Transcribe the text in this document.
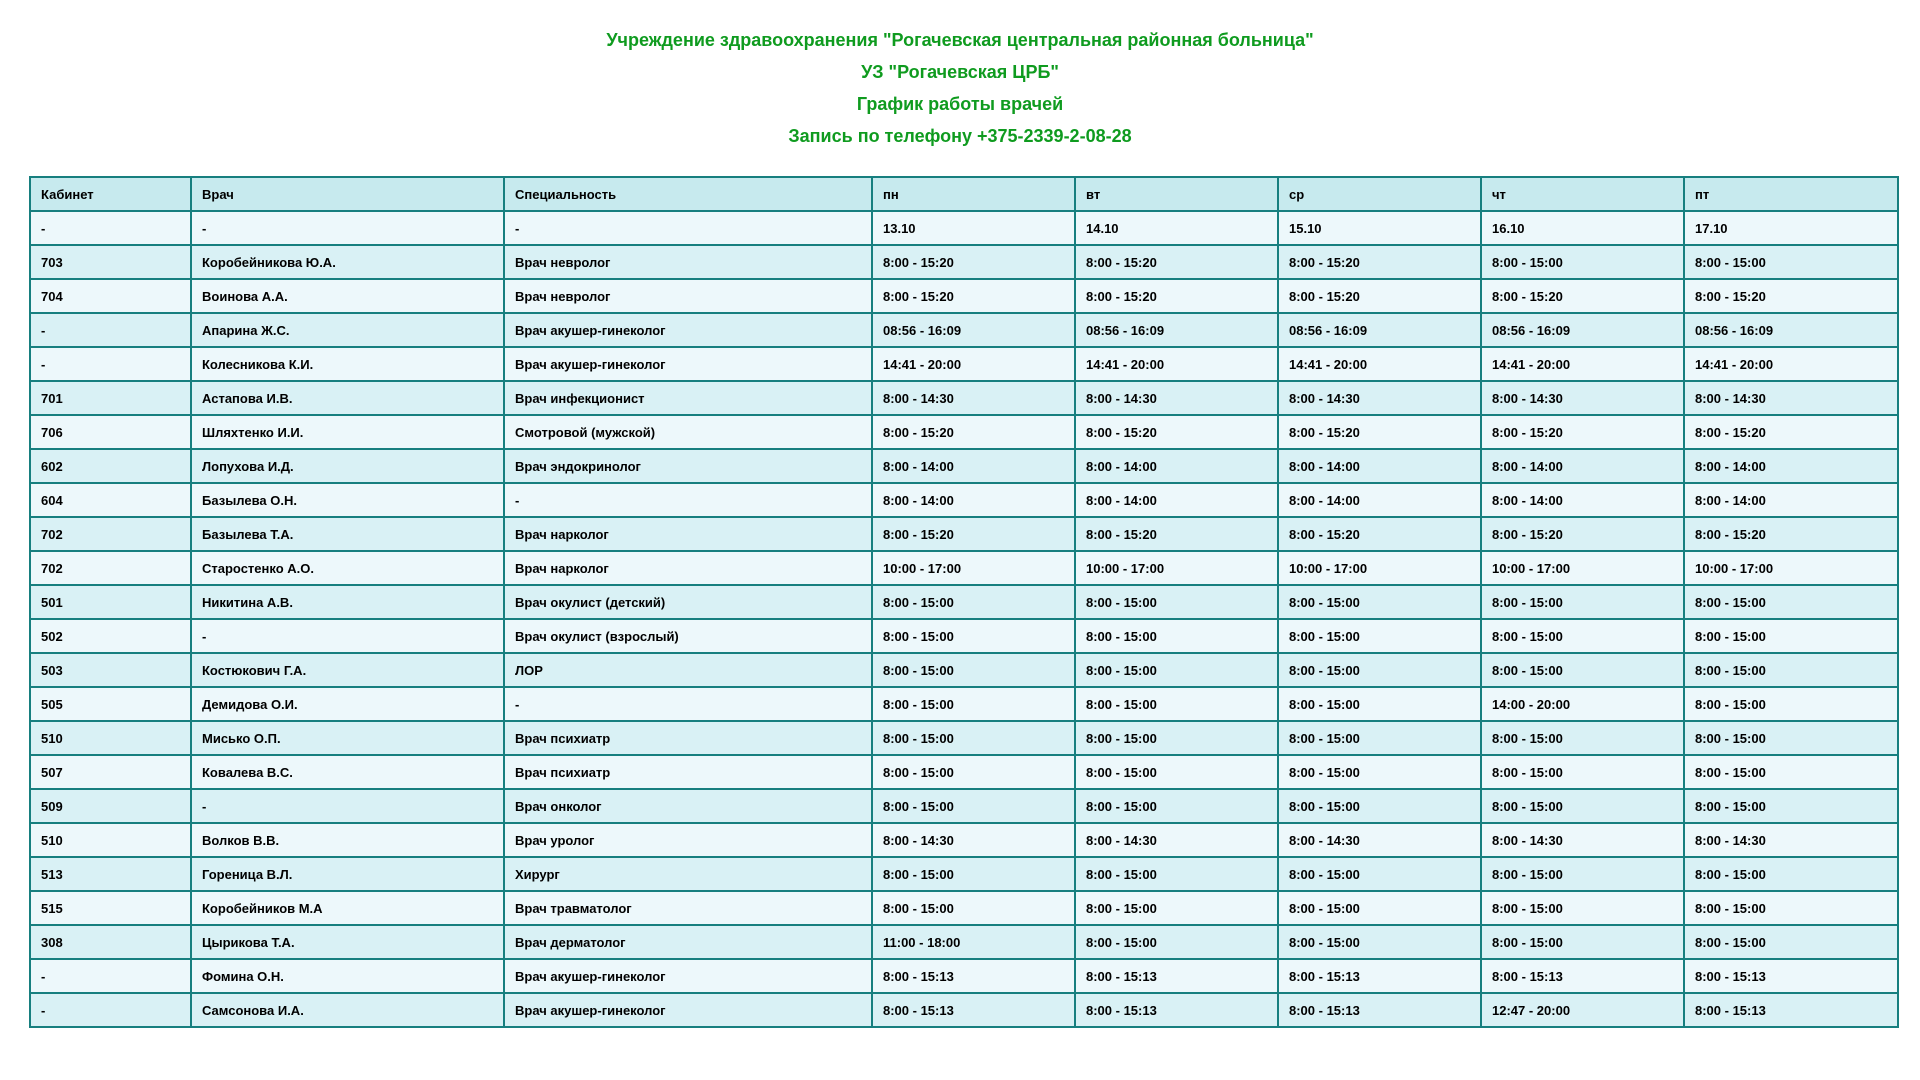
Учреждение здравоохранения "Рогачевская центральная районная больница"
УЗ "Рогачевская ЦРБ"
График работы врачей
Запись по телефону +375-2339-2-08-28
Кабинет	Врач	Специальность	пн	вт	ср	чт	пт
-	-	-	13.10	14.10	15.10	16.10	17.10
703	Коробейникова Ю.А.	Врач невролог	8:00 - 15:20	8:00 - 15:20	8:00 - 15:20	8:00 - 15:00	8:00 - 15:00
704	Воинова А.А.	Врач невролог	8:00 - 15:20	8:00 - 15:20	8:00 - 15:20	8:00 - 15:20	8:00 - 15:20
-	Апарина Ж.С.	Врач акушер-гинеколог	08:56 - 16:09	08:56 - 16:09	08:56 - 16:09	08:56 - 16:09	08:56 - 16:09
-	Колесникова К.И.	Врач акушер-гинеколог	14:41 - 20:00	14:41 - 20:00	14:41 - 20:00	14:41 - 20:00	14:41 - 20:00
701	Астапова И.В.	Врач инфекционист	8:00 - 14:30	8:00 - 14:30	8:00 - 14:30	8:00 - 14:30	8:00 - 14:30
706	Шляхтенко И.И.	Смотровой (мужской)	8:00 - 15:20	8:00 - 15:20	8:00 - 15:20	8:00 - 15:20	8:00 - 15:20
602	Лопухова И.Д.	Врач эндокринолог	8:00 - 14:00	8:00 - 14:00	8:00 - 14:00	8:00 - 14:00	8:00 - 14:00
604	Базылева О.Н.	-	8:00 - 14:00	8:00 - 14:00	8:00 - 14:00	8:00 - 14:00	8:00 - 14:00
702	Базылева Т.А.	Врач нарколог	8:00 - 15:20	8:00 - 15:20	8:00 - 15:20	8:00 - 15:20	8:00 - 15:20
702	Старостенко А.О.	Врач нарколог	10:00 - 17:00	10:00 - 17:00	10:00 - 17:00	10:00 - 17:00	10:00 - 17:00
501	Никитина А.В.	Врач окулист (детский)	8:00 - 15:00	8:00 - 15:00	8:00 - 15:00	8:00 - 15:00	8:00 - 15:00
502	-	Врач окулист (взрослый)	8:00 - 15:00	8:00 - 15:00	8:00 - 15:00	8:00 - 15:00	8:00 - 15:00
503	Костюкович Г.А.	ЛОР	8:00 - 15:00	8:00 - 15:00	8:00 - 15:00	8:00 - 15:00	8:00 - 15:00
505	Демидова О.И.	-	8:00 - 15:00	8:00 - 15:00	8:00 - 15:00	14:00 - 20:00	8:00 - 15:00
510	Мисько О.П.	Врач психиатр	8:00 - 15:00	8:00 - 15:00	8:00 - 15:00	8:00 - 15:00	8:00 - 15:00
507	Ковалева В.С.	Врач психиатр	8:00 - 15:00	8:00 - 15:00	8:00 - 15:00	8:00 - 15:00	8:00 - 15:00
509	-	Врач онколог	8:00 - 15:00	8:00 - 15:00	8:00 - 15:00	8:00 - 15:00	8:00 - 15:00
510	Волков В.В.	Врач уролог	8:00 - 14:30	8:00 - 14:30	8:00 - 14:30	8:00 - 14:30	8:00 - 14:30
513	Гореница В.Л.	Хирург	8:00 - 15:00	8:00 - 15:00	8:00 - 15:00	8:00 - 15:00	8:00 - 15:00
515	Коробейников М.А	Врач травматолог	8:00 - 15:00	8:00 - 15:00	8:00 - 15:00	8:00 - 15:00	8:00 - 15:00
308	Цырикова Т.А.	Врач дерматолог	11:00 - 18:00	8:00 - 15:00	8:00 - 15:00	8:00 - 15:00	8:00 - 15:00
-	Фомина О.Н.	Врач акушер-гинеколог	8:00 - 15:13	8:00 - 15:13	8:00 - 15:13	8:00 - 15:13	8:00 - 15:13
-	Самсонова И.А.	Врач акушер-гинеколог	8:00 - 15:13	8:00 - 15:13	8:00 - 15:13	12:47 - 20:00	8:00 - 15:13
